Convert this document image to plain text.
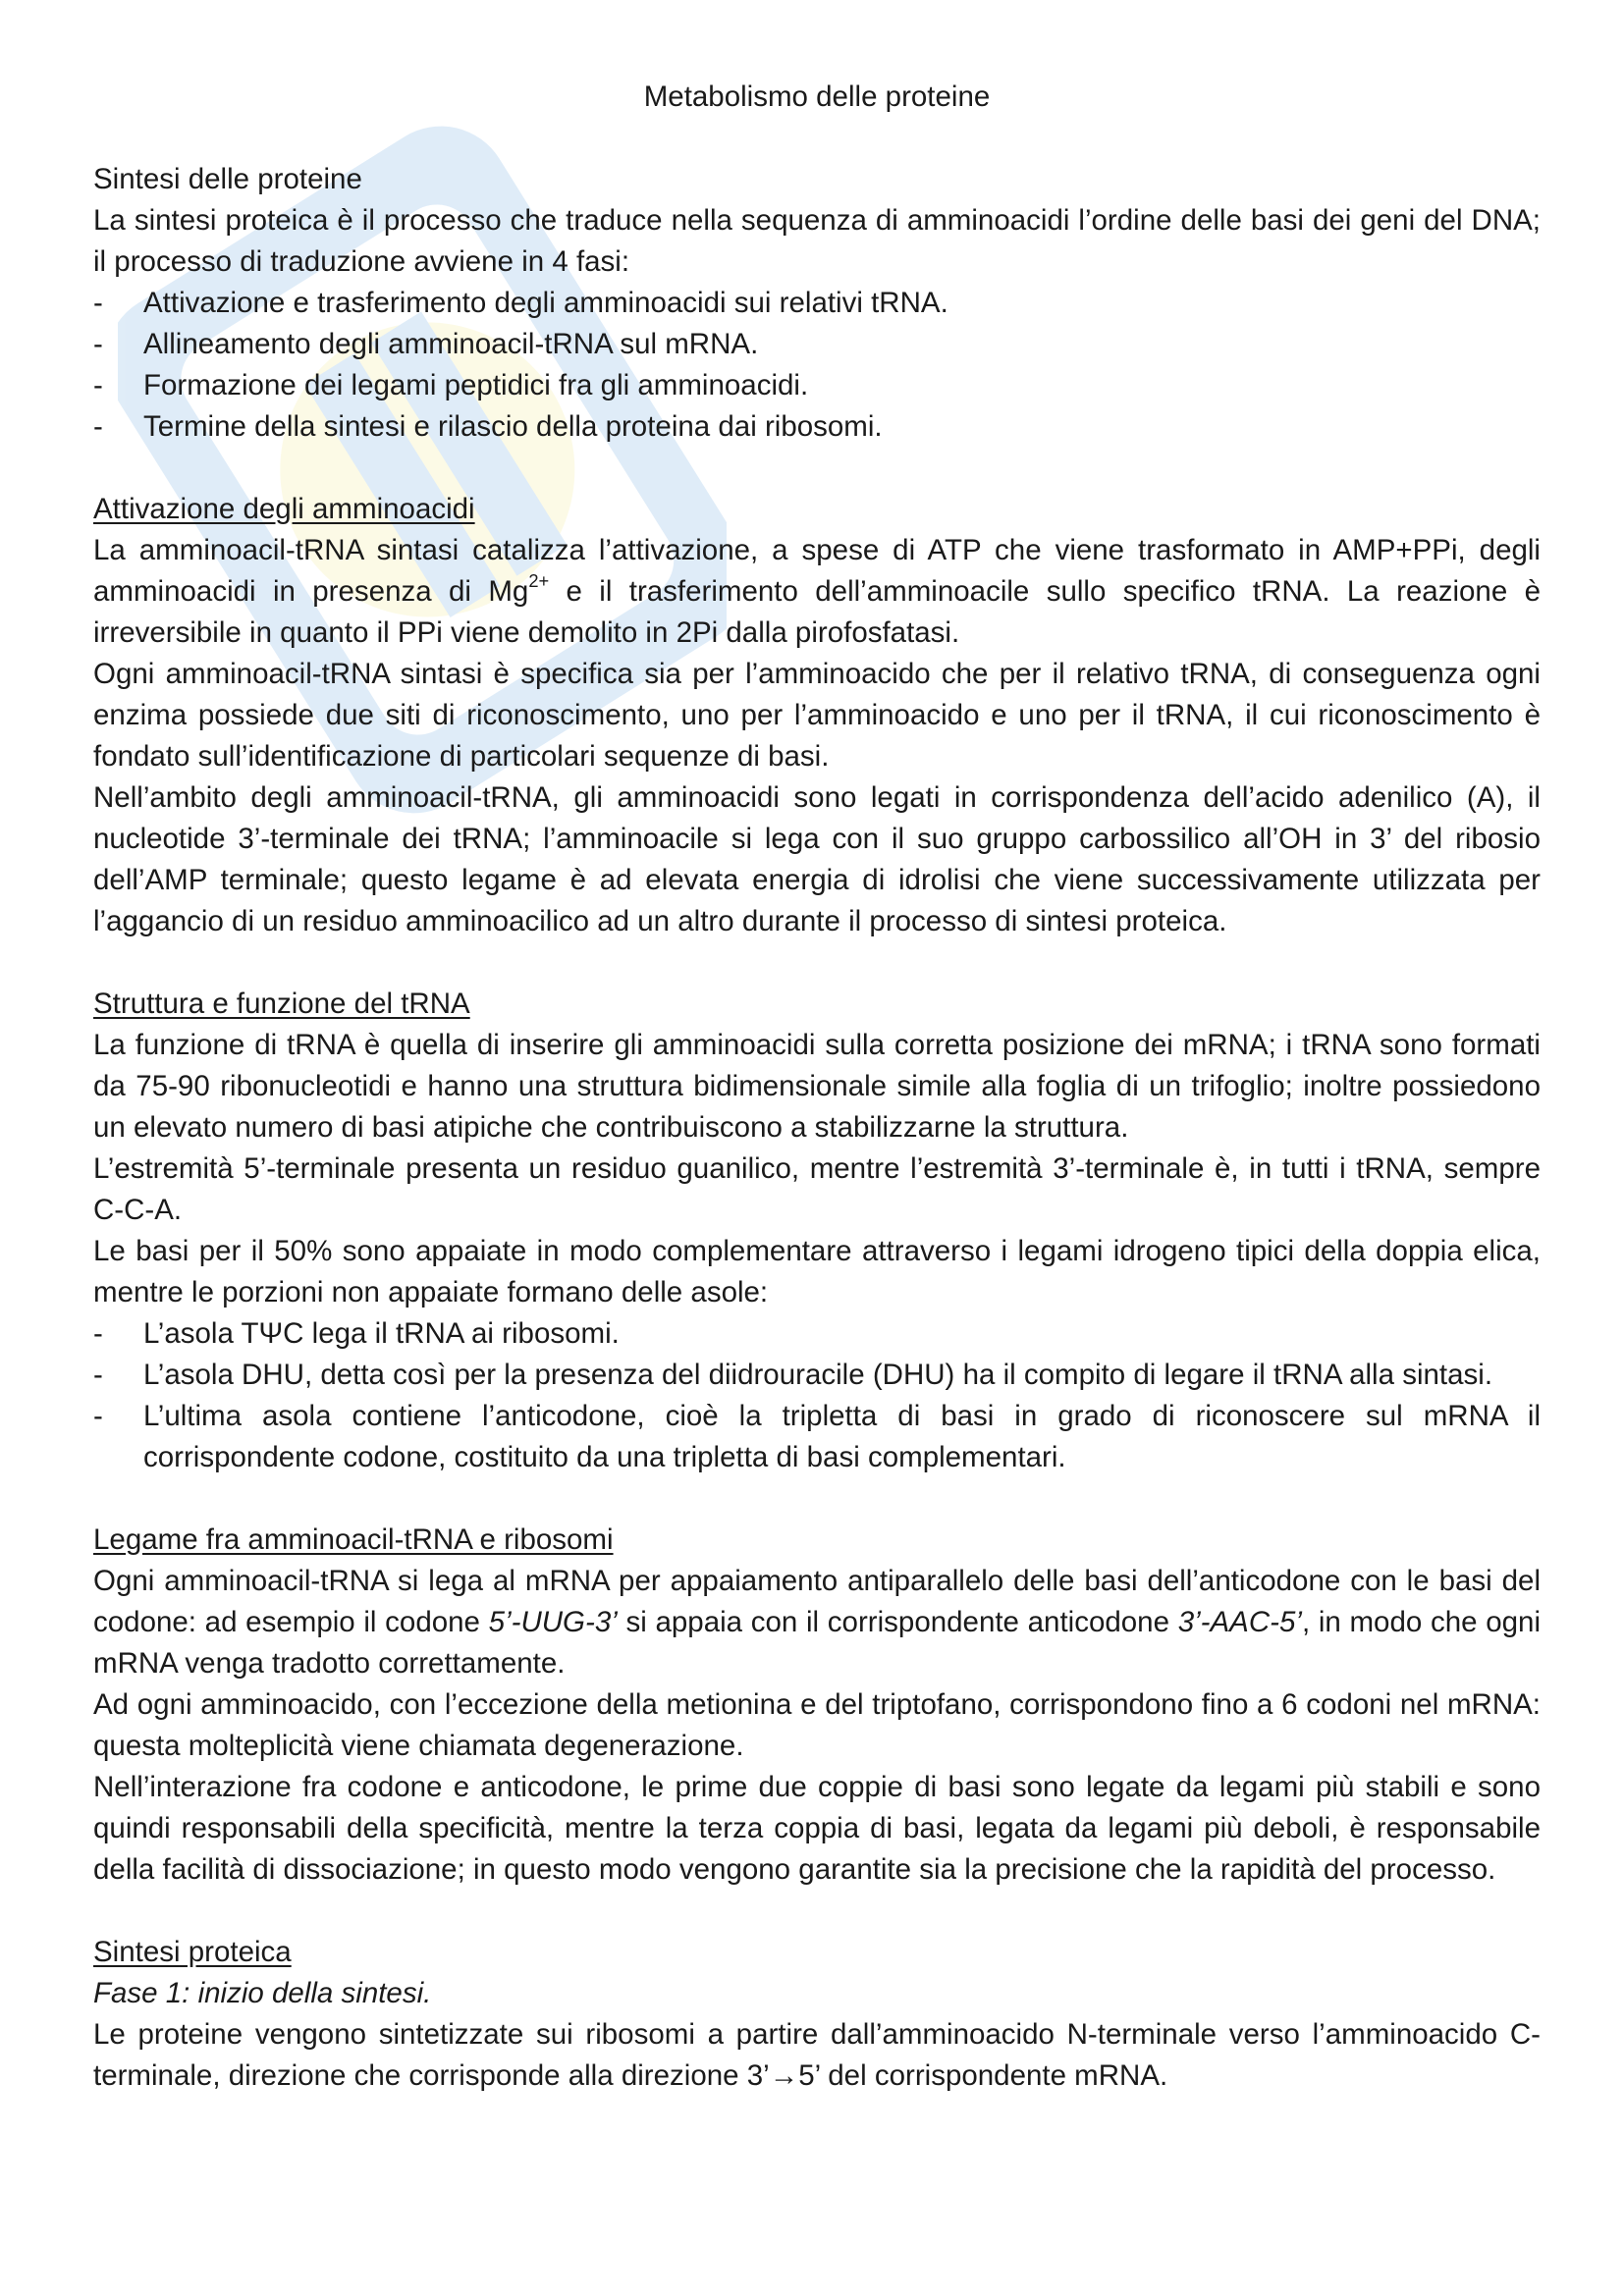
Metabolismo delle proteine

Sintesi delle proteine

La sintesi proteica è il processo che traduce nella sequenza di amminoacidi l’ordine delle basi dei geni del DNA; il processo di traduzione avviene in 4 fasi:

- Attivazione e trasferimento degli amminoacidi sui relativi tRNA.
- Allineamento degli amminoacil-tRNA sul mRNA.
- Formazione dei legami peptidici fra gli amminoacidi.
- Termine della sintesi e rilascio della proteina dai ribosomi.

Attivazione degli amminoacidi

La amminoacil-tRNA sintasi catalizza l’attivazione, a spese di ATP che viene trasformato in AMP+PPi, degli amminoacidi in presenza di $Mg^{2+}$ e il trasferimento dell’amminoacile sullo specifico tRNA. La reazione è irreversibile in quanto il PPi viene demolito in 2Pi dalla pirofosfatasi.

Ogni amminoacil-tRNA sintasi è specifica sia per l’amminoacido che per il relativo tRNA, di conseguenza ogni enzima possiede due siti di riconoscimento, uno per l’amminoacido e uno per il tRNA, il cui riconoscimento è fondato sull’identificazione di particolari sequenze di basi.

Nell’ambito degli amminoacil-tRNA, gli amminoacidi sono legati in corrispondenza dell’acido adenilico (A), il nucleotide 3’-terminale dei tRNA; l’amminoacile si lega con il suo gruppo carbossilico all’OH in 3’ del ribosio dell’AMP terminale; questo legame è ad elevata energia di idrolisi che viene successivamente utilizzata per l’aggancio di un residuo amminoacilico ad un altro durante il processo di sintesi proteica.

Struttura e funzione del tRNA

La funzione di tRNA è quella di inserire gli amminoacidi sulla corretta posizione dei mRNA; i tRNA sono formati da 75-90 ribonucleotidi e hanno una struttura bidimensionale simile alla foglia di un trifoglio; inoltre possiedono un elevato numero di basi atipiche che contribuiscono a stabilizzarne la struttura.

L’estremità 5’-terminale presenta un residuo guanilico, mentre l’estremità 3’-terminale è, in tutti i tRNA, sempre C-C-A.

Le basi per il 50% sono appaiate in modo complementare attraverso i legami idrogeno tipici della doppia elica, mentre le porzioni non appaiate formano delle asole:

- L’asola TΨC lega il tRNA ai ribosomi.
- L’asola DHU, detta così per la presenza del diidrouracile (DHU) ha il compito di legare il tRNA alla sintasi.
- L’ultima asola contiene l’anticodone, cioè la tripletta di basi in grado di riconoscere sul mRNA il corrispondente codone, costituito da una tripletta di basi complementari.

Legame fra amminoacil-tRNA e ribosomi

Ogni amminoacil-tRNA si lega al mRNA per appaiamento antiparallelo delle basi dell’anticodone con le basi del codone: ad esempio il codone 5’-UUG-3’ si appaia con il corrispondente anticodone 3’-AAC-5’, in modo che ogni mRNA venga tradotto correttamente.

Ad ogni amminoacido, con l’eccezione della metionina e del triptofano, corrispondono fino a 6 codoni nel mRNA: questa molteplicità viene chiamata degenerazione.

Nell’interazione fra codone e anticodone, le prime due coppie di basi sono legate da legami più stabili e sono quindi responsabili della specificità, mentre la terza coppia di basi, legata da legami più deboli, è responsabile della facilità di dissociazione; in questo modo vengono garantite sia la precisione che la rapidità del processo.

Sintesi proteica

Fase 1: inizio della sintesi.

Le proteine vengono sintetizzate sui ribosomi a partire dall’amminoacido N-terminale verso l’amminoacido C-terminale, direzione che corrisponde alla direzione 3’→5’ del corrispondente mRNA.
